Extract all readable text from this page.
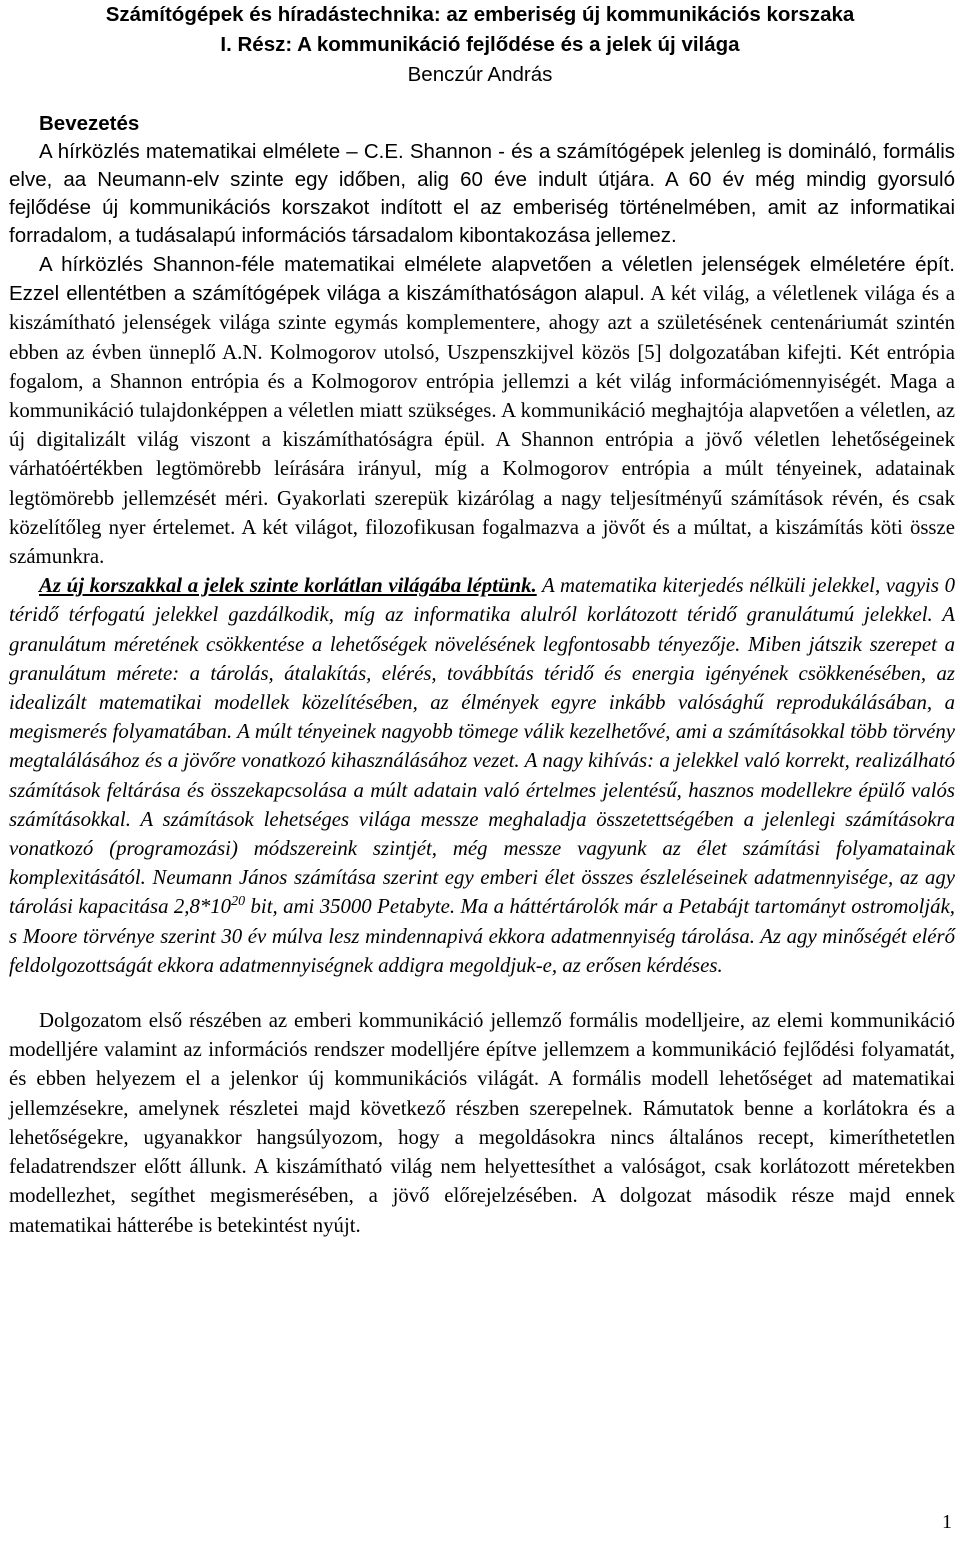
Számítógépek és híradástechnika: az emberiség új kommunikációs korszaka
I. Rész: A kommunikáció fejlődése és a jelek új világa
Benczúr András
Bevezetés

A hírközlés matematikai elmélete – C.E. Shannon - és a számítógépek jelenleg is domináló, formális elve, aa Neumann-elv szinte egy időben, alig 60 éve indult útjára. A 60 év még mindig gyorsuló fejlődése új kommunikációs korszakot indított el az emberiség történelmében, amit az informatikai forradalom, a tudásalapú információs társadalom kibontakozása jellemez.

A hírközlés Shannon-féle matematikai elmélete alapvetően a véletlen jelenségek elméletére épít. Ezzel ellentétben a számítógépek világa a kiszámíthatóságon alapul. A két világ, a véletlenek világa és a kiszámítható jelenségek világa szinte egymás komplementere, ahogy azt a születésének centenáriumát szintén ebben az évben ünneplő A.N. Kolmogorov utolsó, Uszpenszkijvel közös [5] dolgozatában kifejti. Két entrópia fogalom, a Shannon entrópia és a Kolmogorov entrópia jellemzi a két világ információmennyiségét. Maga a kommunikáció tulajdonképpen a véletlen miatt szükséges. A kommunikáció meghajtója alapvetően a véletlen, az új digitalizált világ viszont a kiszámíthatóságra épül. A Shannon entrópia a jövő véletlen lehetőségeinek várhatóértékben legtömörebb leírására irányul, míg a Kolmogorov entrópia a múlt tényeinek, adatainak legtömörebb jellemzését méri. Gyakorlati szerepük kizárólag a nagy teljesítményű számítások révén, és csak közelítőleg nyer értelemet. A két világot, filozofikusan fogalmazva a jövőt és a múltat, a kiszámítás köti össze számunkra.

Az új korszakkal a jelek szinte korlátlan világába léptünk. A matematika kiterjedés nélküli jelekkel, vagyis 0 téridő térfogatú jelekkel gazdálkodik, míg az informatika alulról korlátozott téridő granulátumú jelekkel. A granulátum méretének csökkentése a lehetőségek növelésének legfontosabb tényezője. Miben játszik szerepet a granulátum mérete: a tárolás, átalakítás, elérés, továbbítás téridő és energia igényének csökkenésében, az idealizált matematikai modellek közelítésében, az élmények egyre inkább valósághű reprodukálásában, a megismerés folyamatában. A múlt tényeinek nagyobb tömege válik kezelhetővé, ami a számításokkal több törvény megtalálásához és a jövőre vonatkozó kihasználásához vezet. A nagy kihívás: a jelekkel való korrekt, realizálható számítások feltárása és összekapcsolása a múlt adatain való értelmes jelentésű, hasznos modellekre épülő valós számításokkal. A számítások lehetséges világa messze meghaladja összetettségében a jelenlegi számításokra vonatkozó (programozási) módszereink szintjét, még messze vagyunk az élet számítási folyamatainak komplexitásától. Neumann János számítása szerint egy emberi élet összes észleléseinek adatmennyisége, az agy tárolási kapacitása $2,8*10^{20}$ bit, ami 35000 Petabyte. Ma a háttértárolók már a Petabájt tartományt ostromolják, s Moore törvénye szerint 30 év múlva lesz mindennapivá ekkora adatmennyiség tárolása. Az agy minőségét elérő feldolgozottságát ekkora adatmennyiségnek addigra megoldjuk-e, az erősen kérdéses.

Dolgozatom első részében az emberi kommunikáció jellemző formális modelljeire, az elemi kommunikáció modelljére valamint az információs rendszer modelljére építve jellemzem a kommunikáció fejlődési folyamatát, és ebben helyezem el a jelenkor új kommunikációs világát. A formális modell lehetőséget ad matematikai jellemzésekre, amelynek részletei majd következő részben szerepelnek. Rámutatok benne a korlátokra és a lehetőségekre, ugyanakkor hangsúlyozom, hogy a megoldásokra nincs általános recept, kimeríthetetlen feladatrendszer előtt állunk. A kiszámítható világ nem helyettesíthet a valóságot, csak korlátozott méretekben modellezhet, segíthet megismerésében, a jövő előrejelzésében. A dolgozat második része majd ennek matematikai hátterébe is betekintést nyújt.

1
